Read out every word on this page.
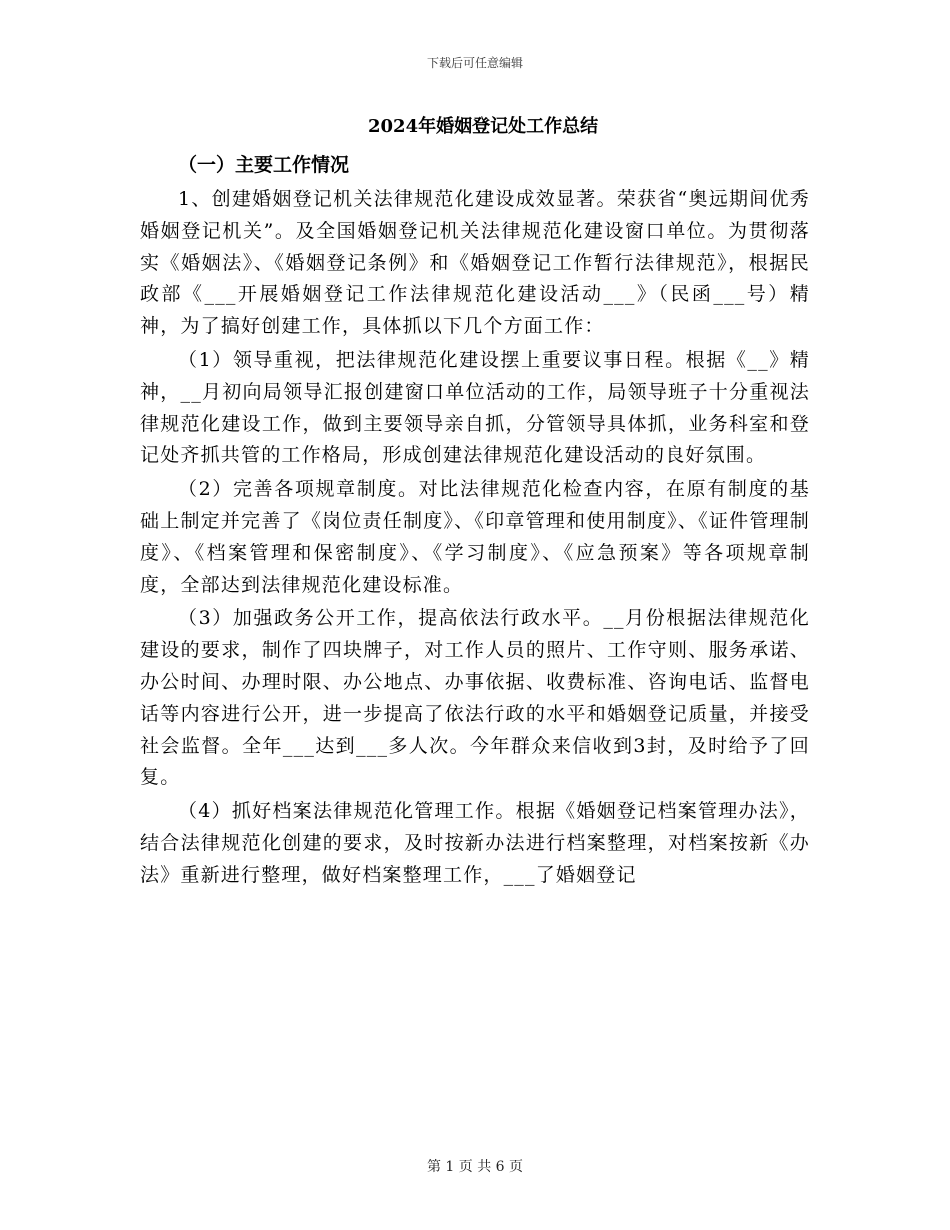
下载后可任意编辑
2024年婚姻登记处工作总结
（一）主要工作情况

1、创建婚姻登记机关法律规范化建设成效显著。荣获省“奥远期间优秀婚姻登记机关”。及全国婚姻登记机关法律规范化建设窗口单位。为贯彻落实《婚姻法》、《婚姻登记条例》和《婚姻登记工作暂行法律规范》，根据民政部《___开展婚姻登记工作法律规范化建设活动___》（民函___号）精神，为了搞好创建工作，具体抓以下几个方面工作：

（1）领导重视，把法律规范化建设摆上重要议事日程。根据《__》精神，__月初向局领导汇报创建窗口单位活动的工作，局领导班子十分重视法律规范化建设工作，做到主要领导亲自抓，分管领导具体抓，业务科室和登记处齐抓共管的工作格局，形成创建法律规范化建设活动的良好氛围。

（2）完善各项规章制度。对比法律规范化检查内容，在原有制度的基础上制定并完善了《岗位责任制度》、《印章管理和使用制度》、《证件管理制度》、《档案管理和保密制度》、《学习制度》、《应急预案》等各项规章制度，全部达到法律规范化建设标准。

（3）加强政务公开工作，提高依法行政水平。__月份根据法律规范化建设的要求，制作了四块牌子，对工作人员的照片、工作守则、服务承诺、办公时间、办理时限、办公地点、办事依据、收费标准、咨询电话、监督电话等内容进行公开，进一步提高了依法行政的水平和婚姻登记质量，并接受社会监督。全年___达到___多人次。今年群众来信收到3封，及时给予了回复。

（4）抓好档案法律规范化管理工作。根据《婚姻登记档案管理办法》，结合法律规范化创建的要求，及时按新办法进行档案整理，对档案按新《办法》重新进行整理，做好档案整理工作，___了婚姻登记

第 1 页 共 6 页
